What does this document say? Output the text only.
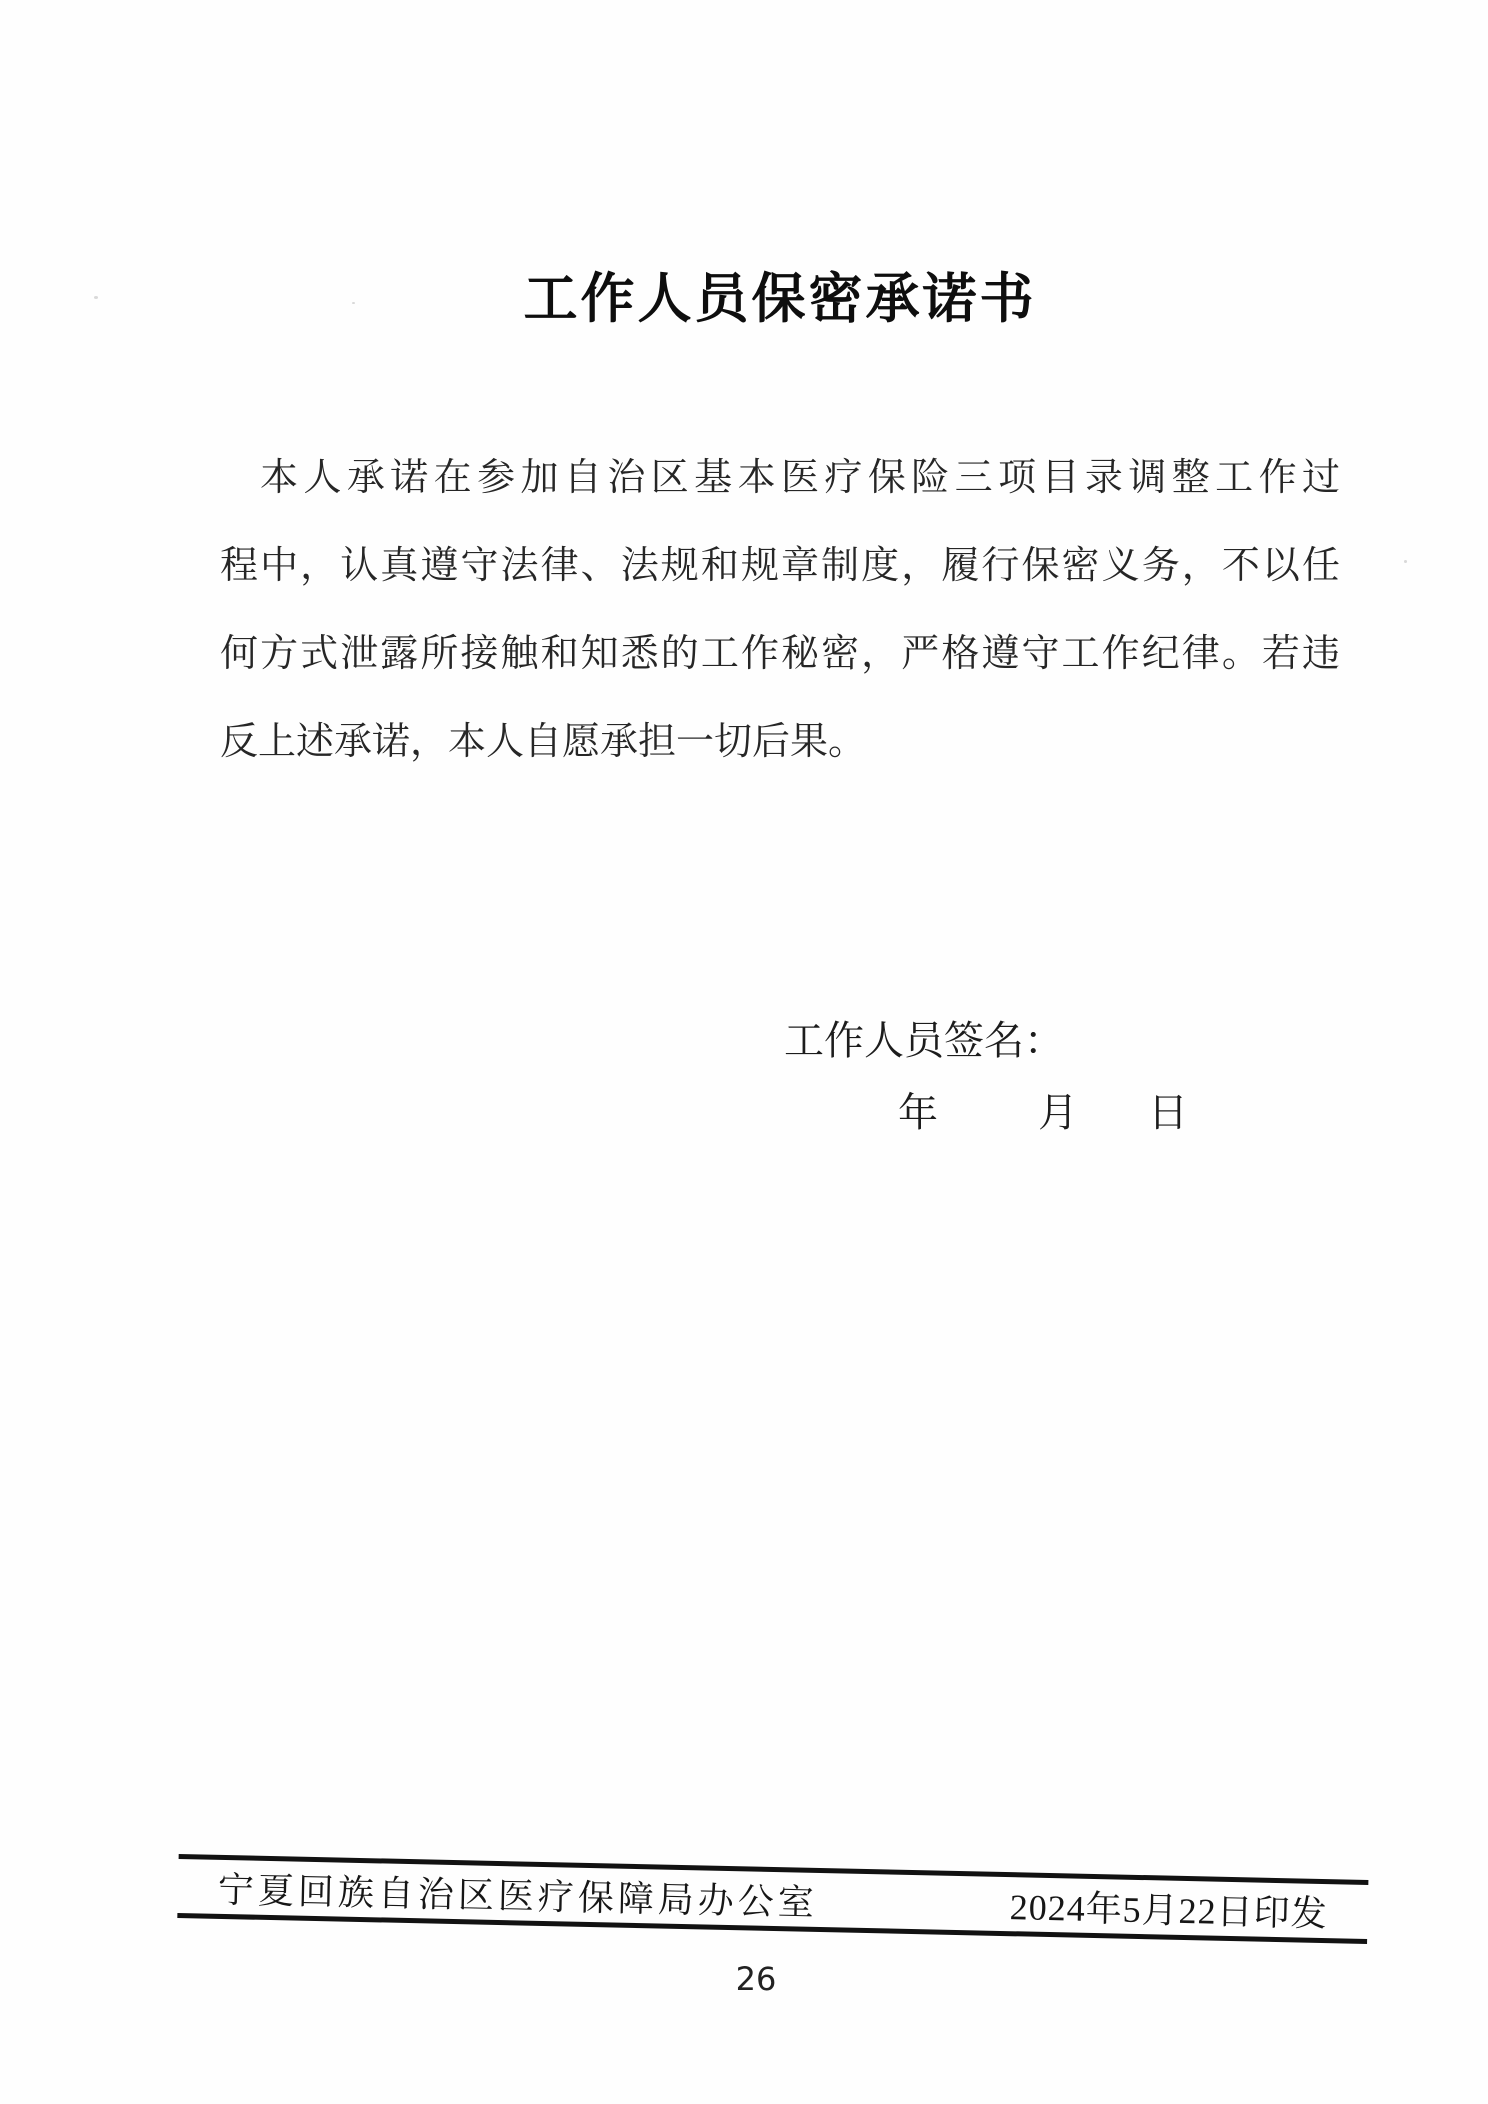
工作人员保密承诺书
本人承诺在参加自治区基本医疗保险三项目录调整工作过
程中，认真遵守法律、法规和规章制度，履行保密义务，不以任
何方式泄露所接触和知悉的工作秘密，严格遵守工作纪律。若违
反上述承诺，本人自愿承担一切后果。
工作人员签名：
年	月 日
宁夏回族自治区医疗保障局办公室	2024年5月22日印发
26
